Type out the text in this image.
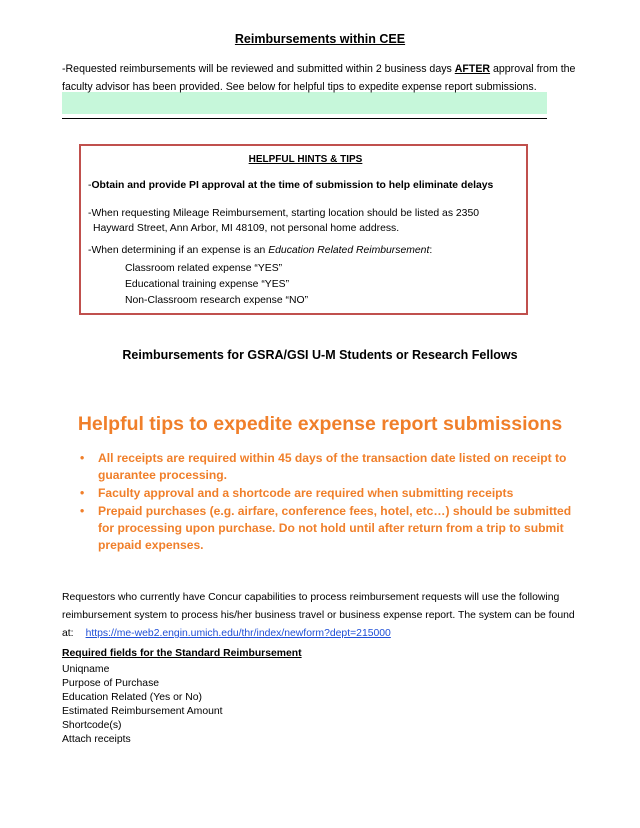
Reimbursements within CEE
-Requested reimbursements will be reviewed and submitted within 2 business days AFTER approval from the faculty advisor has been provided. See below for helpful tips to expedite expense report submissions.
HELPFUL HINTS & TIPS
-Obtain and provide PI approval at the time of submission to help eliminate delays
-When requesting Mileage Reimbursement, starting location should be listed as 2350
Hayward Street, Ann Arbor, MI 48109, not personal home address.
-When determining if an expense is an Education Related Reimbursement:
Classroom related expense “YES”
Educational training expense “YES”
Non-Classroom research expense “NO”
Reimbursements for GSRA/GSI U-M Students or Research Fellows
Helpful tips to expedite expense report submissions
• All receipts are required within 45 days of the transaction date listed on receipt to guarantee processing.
• Faculty approval and a shortcode are required when submitting receipts
• Prepaid purchases (e.g. airfare, conference fees, hotel, etc…) should be submitted for processing upon purchase. Do not hold until after return from a trip to submit prepaid expenses.
Requestors who currently have Concur capabilities to process reimbursement requests will use the following reimbursement system to process his/her business travel or business expense report. The system can be found at: https://me-web2.engin.umich.edu/thr/index/newform?dept=215000
Required fields for the Standard Reimbursement
Uniqname
Purpose of Purchase
Education Related (Yes or No)
Estimated Reimbursement Amount
Shortcode(s)
Attach receipts
